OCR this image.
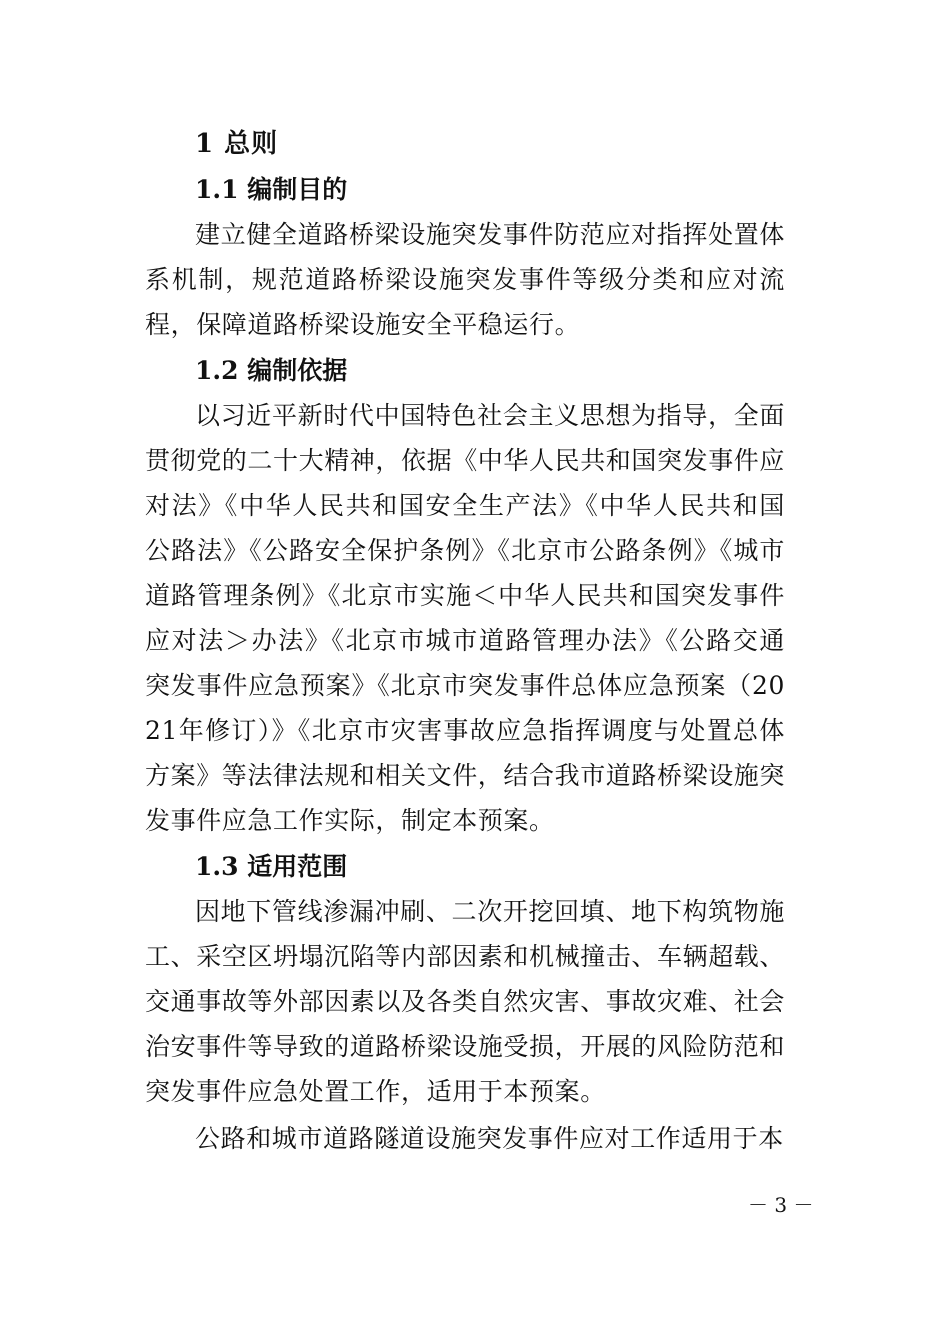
1 总则
1.1 编制目的

建立健全道路桥梁设施突发事件防范应对指挥处置体系机制，规范道路桥梁设施突发事件等级分类和应对流程，保障道路桥梁设施安全平稳运行。

1.2 编制依据

以习近平新时代中国特色社会主义思想为指导，全面贯彻党的二十大精神，依据《中华人民共和国突发事件应对法》《中华人民共和国安全生产法》《中华人民共和国公路法》《公路安全保护条例》《北京市公路条例》《城市道路管理条例》《北京市实施＜中华人民共和国突发事件应对法＞办法》《北京市城市道路管理办法》《公路交通突发事件应急预案》《北京市突发事件总体应急预案（2021年修订）》《北京市灾害事故应急指挥调度与处置总体方案》等法律法规和相关文件，结合我市道路桥梁设施突发事件应急工作实际，制定本预案。

1.3 适用范围

因地下管线渗漏冲刷、二次开挖回填、地下构筑物施工、采空区坍塌沉陷等内部因素和机械撞击、车辆超载、交通事故等外部因素以及各类自然灾害、事故灾难、社会治安事件等导致的道路桥梁设施受损，开展的风险防范和突发事件应急处置工作，适用于本预案。

公路和城市道路隧道设施突发事件应对工作适用于本

－ 3 －
